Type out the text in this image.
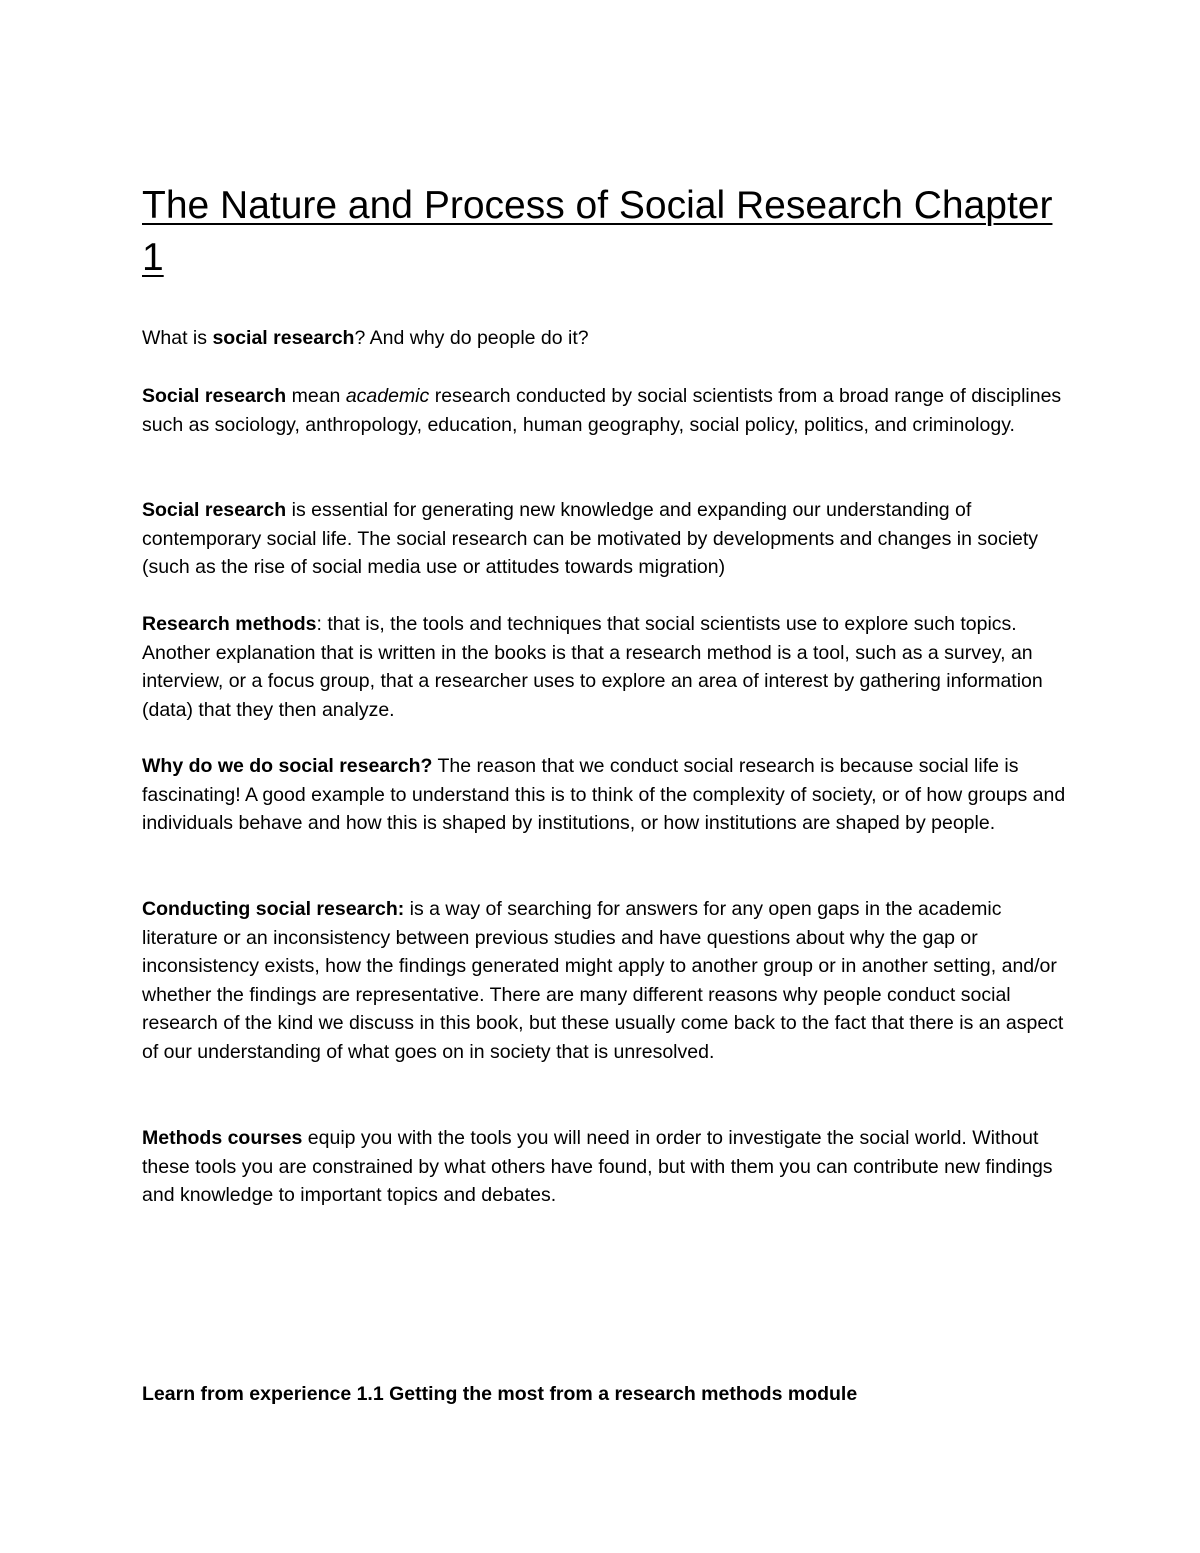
The Nature and Process of Social Research Chapter 1

What is social research? And why do people do it?

Social research mean academic research conducted by social scientists from a broad range of disciplines such as sociology, anthropology, education, human geography, social policy, politics, and criminology.

Social research is essential for generating new knowledge and expanding our understanding of contemporary social life. The social research can be motivated by developments and changes in society (such as the rise of social media use or attitudes towards migration)

Research methods: that is, the tools and techniques that social scientists use to explore such topics. Another explanation that is written in the books is that a research method is a tool, such as a survey, an interview, or a focus group, that a researcher uses to explore an area of interest by gathering information (data) that they then analyze.

Why do we do social research? The reason that we conduct social research is because social life is fascinating! A good example to understand this is to think of the complexity of society, or of how groups and individuals behave and how this is shaped by institutions, or how institutions are shaped by people.

Conducting social research: is a way of searching for answers for any open gaps in the academic literature or an inconsistency between previous studies and have questions about why the gap or inconsistency exists, how the findings generated might apply to another group or in another setting, and/or whether the findings are representative. There are many different reasons why people conduct social research of the kind we discuss in this book, but these usually come back to the fact that there is an aspect of our understanding of what goes on in society that is unresolved.

Methods courses equip you with the tools you will need in order to investigate the social world. Without these tools you are constrained by what others have found, but with them you can contribute new findings and knowledge to important topics and debates.

Learn from experience 1.1 Getting the most from a research methods module
